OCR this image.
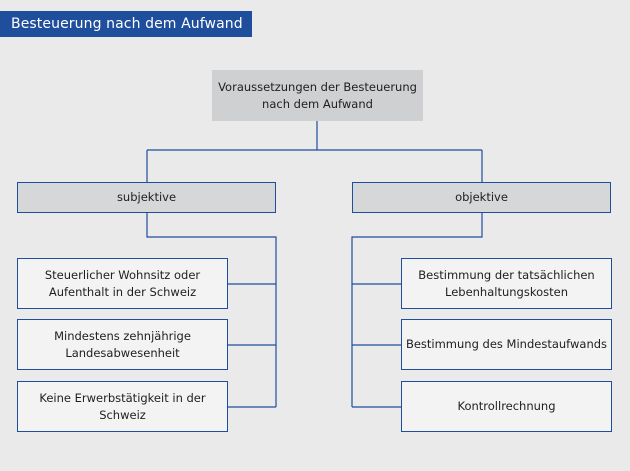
Besteuerung nach dem Aufwand
Voraussetzungen der Besteuerung nach dem Aufwand
subjektive	objektive
Steuerlicher Wohnsitz oder Aufenthalt in der Schweiz
Mindestens zehnjährige Landesabwesenheit
Keine Erwerbstätigkeit in der Schweiz
Bestimmung der tatsächlichen Lebenhaltungskosten
Bestimmung des Mindestaufwands
Kontrollrechnung
